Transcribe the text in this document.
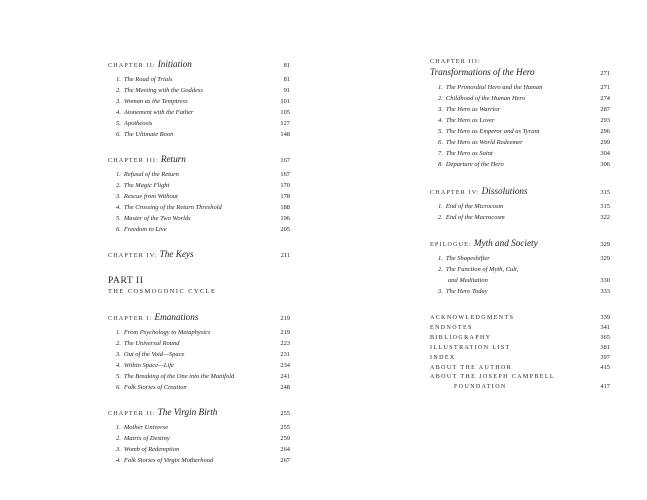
CHAPTER II: Initiation	81
1. The Road of Trials	81
2. The Meeting with the Goddess	91
3. Woman as the Temptress	101
4. Atonement with the Father	105
5. Apotheosis	127
6. The Ultimate Boon	148
CHAPTER III: Return	167
1. Refusal of the Return	167
2. The Magic Flight	170
3. Rescue from Without	178
4. The Crossing of the Return Threshold	188
5. Master of the Two Worlds	196
6. Freedom to Live	205
CHAPTER IV: The Keys	211
PART II
THE COSMOGONIC CYCLE
CHAPTER I: Emanations	219
1. From Psychology to Metaphysics	219
2. The Universal Round	223
3. Out of the Void—Space	231
4. Within Space—Life	234
5. The Breaking of the One into the Manifold	241
6. Folk Stories of Creation	248
CHAPTER II: The Virgin Birth	255
1. Mother Universe	255
2. Matrix of Destiny	259
3. Womb of Redemption	264
4. Folk Stories of Virgin Motherhood	267
CHAPTER III:
Transformations of the Hero	271
1. The Primordial Hero and the Human	271
2. Childhood of the Human Hero	274
3. The Hero as Warrior	287
4. The Hero as Lover	293
5. The Hero as Emperor and as Tyrant	296
6. The Hero as World Redeemer	299
7. The Hero as Saint	304
8. Departure of the Hero	306
CHAPTER IV: Dissolutions	315
1. End of the Microcosm	315
2. End of the Macrocosm	322
EPILOGUE: Myth and Society	329
1. The Shapeshifter	329
2. The Function of Myth, Cult,
and Meditation	330
3. The Hero Today	333
ACKNOWLEDGMENTS	339
ENDNOTES	341
BIBLIOGRAPHY	365
ILLUSTRATION LIST	381
INDEX	397
ABOUT THE AUTHOR	415
ABOUT THE JOSEPH CAMPBELL
FOUNDATION	417
